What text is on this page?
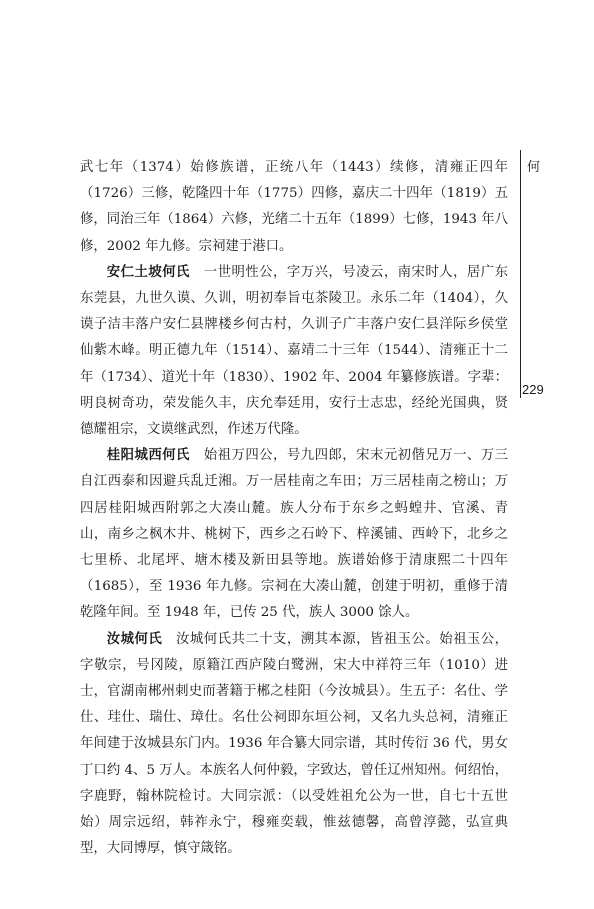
何
229

武七年（1374）始修族谱，正统八年（1443）续修，清雍正四年（1726）三修，乾隆四十年（1775）四修，嘉庆二十四年（1819）五修，同治三年（1864）六修，光绪二十五年（1899）七修，1943 年八修，2002 年九修。宗祠建于港口。

安仁土坡何氏　 一世明性公，字万兴，号凌云，南宋时人，居广东东莞县，九世久谟、久训，明初奉旨屯茶陵卫。永乐二年（1404），久谟子洁丰落户安仁县牌楼乡何古村，久训子广丰落户安仁县洋际乡侯堂仙紫木峰。明正德九年（1514）、嘉靖二十三年（1544）、清雍正十二年（1734）、道光十年（1830）、1902 年、2004 年纂修族谱。字辈：明良树奇功，荣发能久丰，庆允奉廷用，安行士志忠，经纶光国典，贤德耀祖宗，文谟继武烈，作述万代隆。

桂阳城西何氏　 始祖万四公，号九四郎，宋末元初偕兄万一、万三自江西泰和因避兵乱迁湘。万一居桂南之车田；万三居桂南之榜山；万四居桂阳城西附郭之大凑山麓。族人分布于东乡之蚂蝗井、官溪、青山，南乡之枫木井、桃树下，西乡之石岭下、梓溪铺、西岭下，北乡之七里桥、北尾坪、塘木楼及新田县等地。族谱始修于清康熙二十四年（1685），至 1936 年九修。宗祠在大凑山麓，创建于明初，重修于清乾隆年间。至 1948 年，已传 25 代，族人 3000 馀人。

汝城何氏　 汝城何氏共二十支，溯其本源，皆祖玉公。始祖玉公，字敬宗，号冈陵，原籍江西庐陵白鹭洲，宋大中祥符三年（1010）进士，官湖南郴州刺史而著籍于郴之桂阳（今汝城县）。生五子：名仕、学仕、珪仕、瑞仕、璋仕。名仕公祠即东垣公祠，又名九头总祠，清雍正年间建于汝城县东门内。1936 年合纂大同宗谱，其时传衍 36 代，男女丁口约 4、5 万人。本族名人何仲毅，字致达，曾任辽州知州。何绍怡，字鹿野，翰林院检讨。大同宗派：（以受姓祖允公为一世，自七十五世始）周宗远绍，韩祚永宁，穆雍奕载，惟兹德馨，高曾淳懿，弘宣典型，大同博厚，慎守箴铭。
